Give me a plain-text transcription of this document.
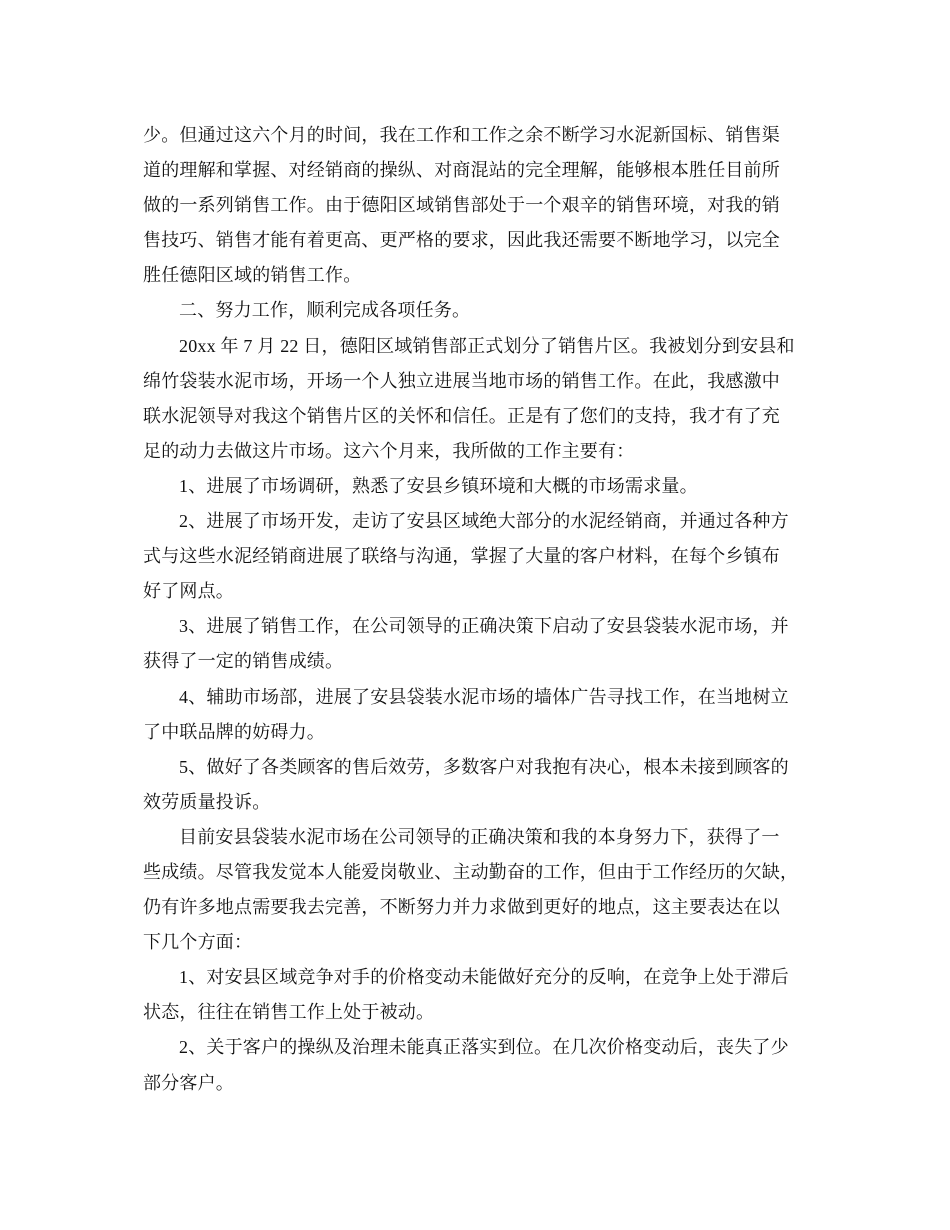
少。但通过这六个月的时间，我在工作和工作之余不断学习水泥新国标、销售渠
道的理解和掌握、对经销商的操纵、对商混站的完全理解，能够根本胜任目前所
做的一系列销售工作。由于德阳区域销售部处于一个艰辛的销售环境，对我的销
售技巧、销售才能有着更高、更严格的要求，因此我还需要不断地学习，以完全
胜任德阳区域的销售工作。
二、努力工作，顺利完成各项任务。
20xx 年 7 月 22 日，德阳区域销售部正式划分了销售片区。我被划分到安县和
绵竹袋装水泥市场，开场一个人独立进展当地市场的销售工作。在此，我感激中
联水泥领导对我这个销售片区的关怀和信任。正是有了您们的支持，我才有了充
足的动力去做这片市场。这六个月来，我所做的工作主要有：
1、进展了市场调研，熟悉了安县乡镇环境和大概的市场需求量。
2、进展了市场开发，走访了安县区域绝大部分的水泥经销商，并通过各种方
式与这些水泥经销商进展了联络与沟通，掌握了大量的客户材料，在每个乡镇布
好了网点。
3、进展了销售工作，在公司领导的正确决策下启动了安县袋装水泥市场，并
获得了一定的销售成绩。
4、辅助市场部，进展了安县袋装水泥市场的墙体广告寻找工作，在当地树立
了中联品牌的妨碍力。
5、做好了各类顾客的售后效劳，多数客户对我抱有决心，根本未接到顾客的
效劳质量投诉。
目前安县袋装水泥市场在公司领导的正确决策和我的本身努力下，获得了一
些成绩。尽管我发觉本人能爱岗敬业、主动勤奋的工作，但由于工作经历的欠缺，
仍有许多地点需要我去完善，不断努力并力求做到更好的地点，这主要表达在以
下几个方面：
1、对安县区域竞争对手的价格变动未能做好充分的反响，在竞争上处于滞后
状态，往往在销售工作上处于被动。
2、关于客户的操纵及治理未能真正落实到位。在几次价格变动后，丧失了少
部分客户。
